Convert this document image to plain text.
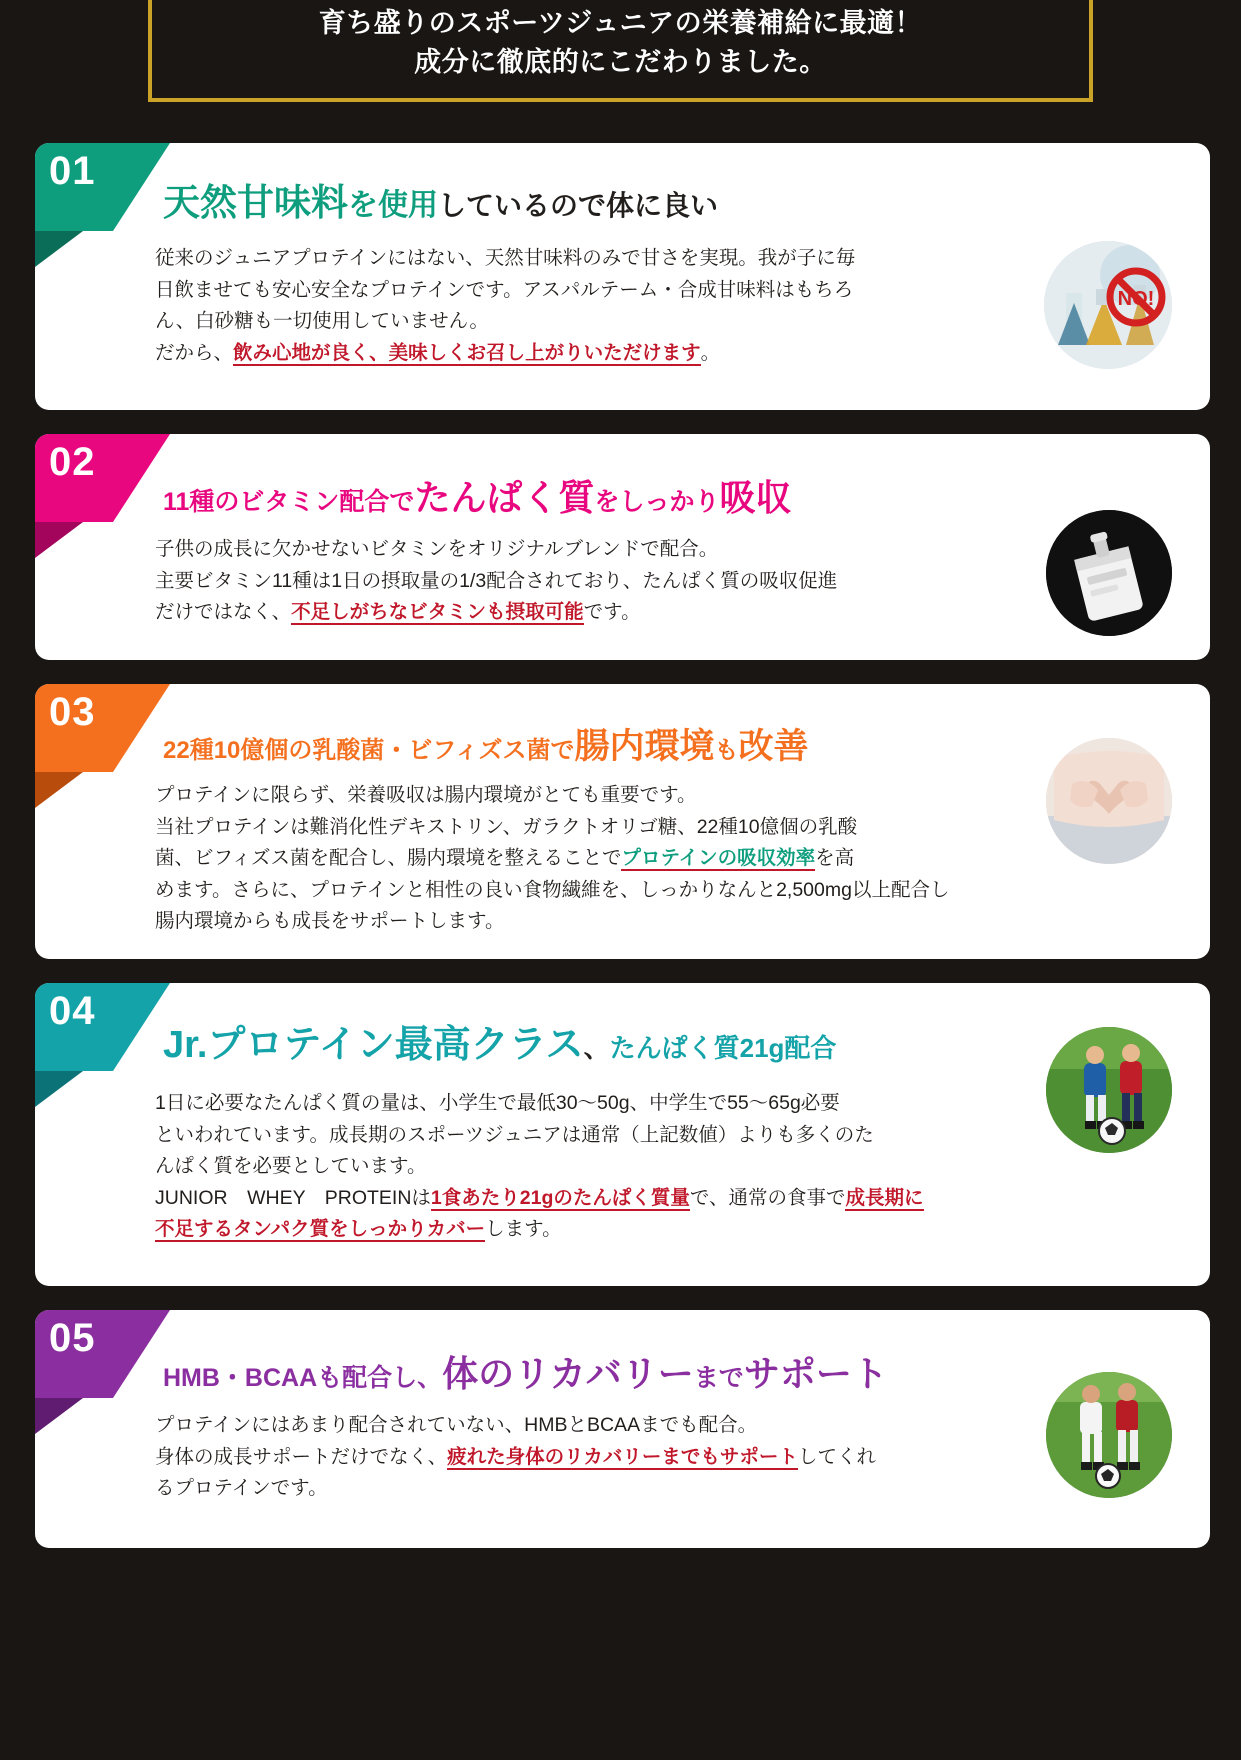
育ち盛りのスポーツジュニアの栄養補給に最適！
成分に徹底的にこだわりました。
01
天然甘味料を使用しているので体に良い
従来のジュニアプロテインにはない、天然甘味料のみで甘さを実現。我が子に毎
日飲ませても安心安全なプロテインです。アスパルテーム・合成甘味料はもちろ
ん、白砂糖も一切使用していません。
だから、飲み心地が良く、美味しくお召し上がりいただけます。
NO!
02
11種のビタミン配合でたんぱく質をしっかり吸収
子供の成長に欠かせないビタミンをオリジナルブレンドで配合。
主要ビタミン11種は1日の摂取量の1/3配合されており、たんぱく質の吸収促進
だけではなく、不足しがちなビタミンも摂取可能です。
03
22種10億個の乳酸菌・ビフィズス菌で腸内環境も改善
プロテインに限らず、栄養吸収は腸内環境がとても重要です。
当社プロテインは難消化性デキストリン、ガラクトオリゴ糖、22種10億個の乳酸
菌、ビフィズス菌を配合し、腸内環境を整えることでプロテインの吸収効率を高
めます。さらに、プロテインと相性の良い食物繊維を、しっかりなんと2,500mg以上配合し
腸内環境からも成長をサポートします。
04
Jr.プロテイン最高クラス、たんぱく質21g配合
1日に必要なたんぱく質の量は、小学生で最低30〜50g、中学生で55〜65g必要
といわれています。成長期のスポーツジュニアは通常（上記数値）よりも多くのた
んぱく質を必要としています。
JUNIOR　WHEY　PROTEINは1食あたり21gのたんぱく質量で、通常の食事で成長期に
不足するタンパク質をしっかりカバーします。
05
HMB・BCAAも配合し、体のリカバリーまでサポート
プロテインにはあまり配合されていない、HMBとBCAAまでも配合。
身体の成長サポートだけでなく、疲れた身体のリカバリーまでもサポートしてくれ
るプロテインです。
